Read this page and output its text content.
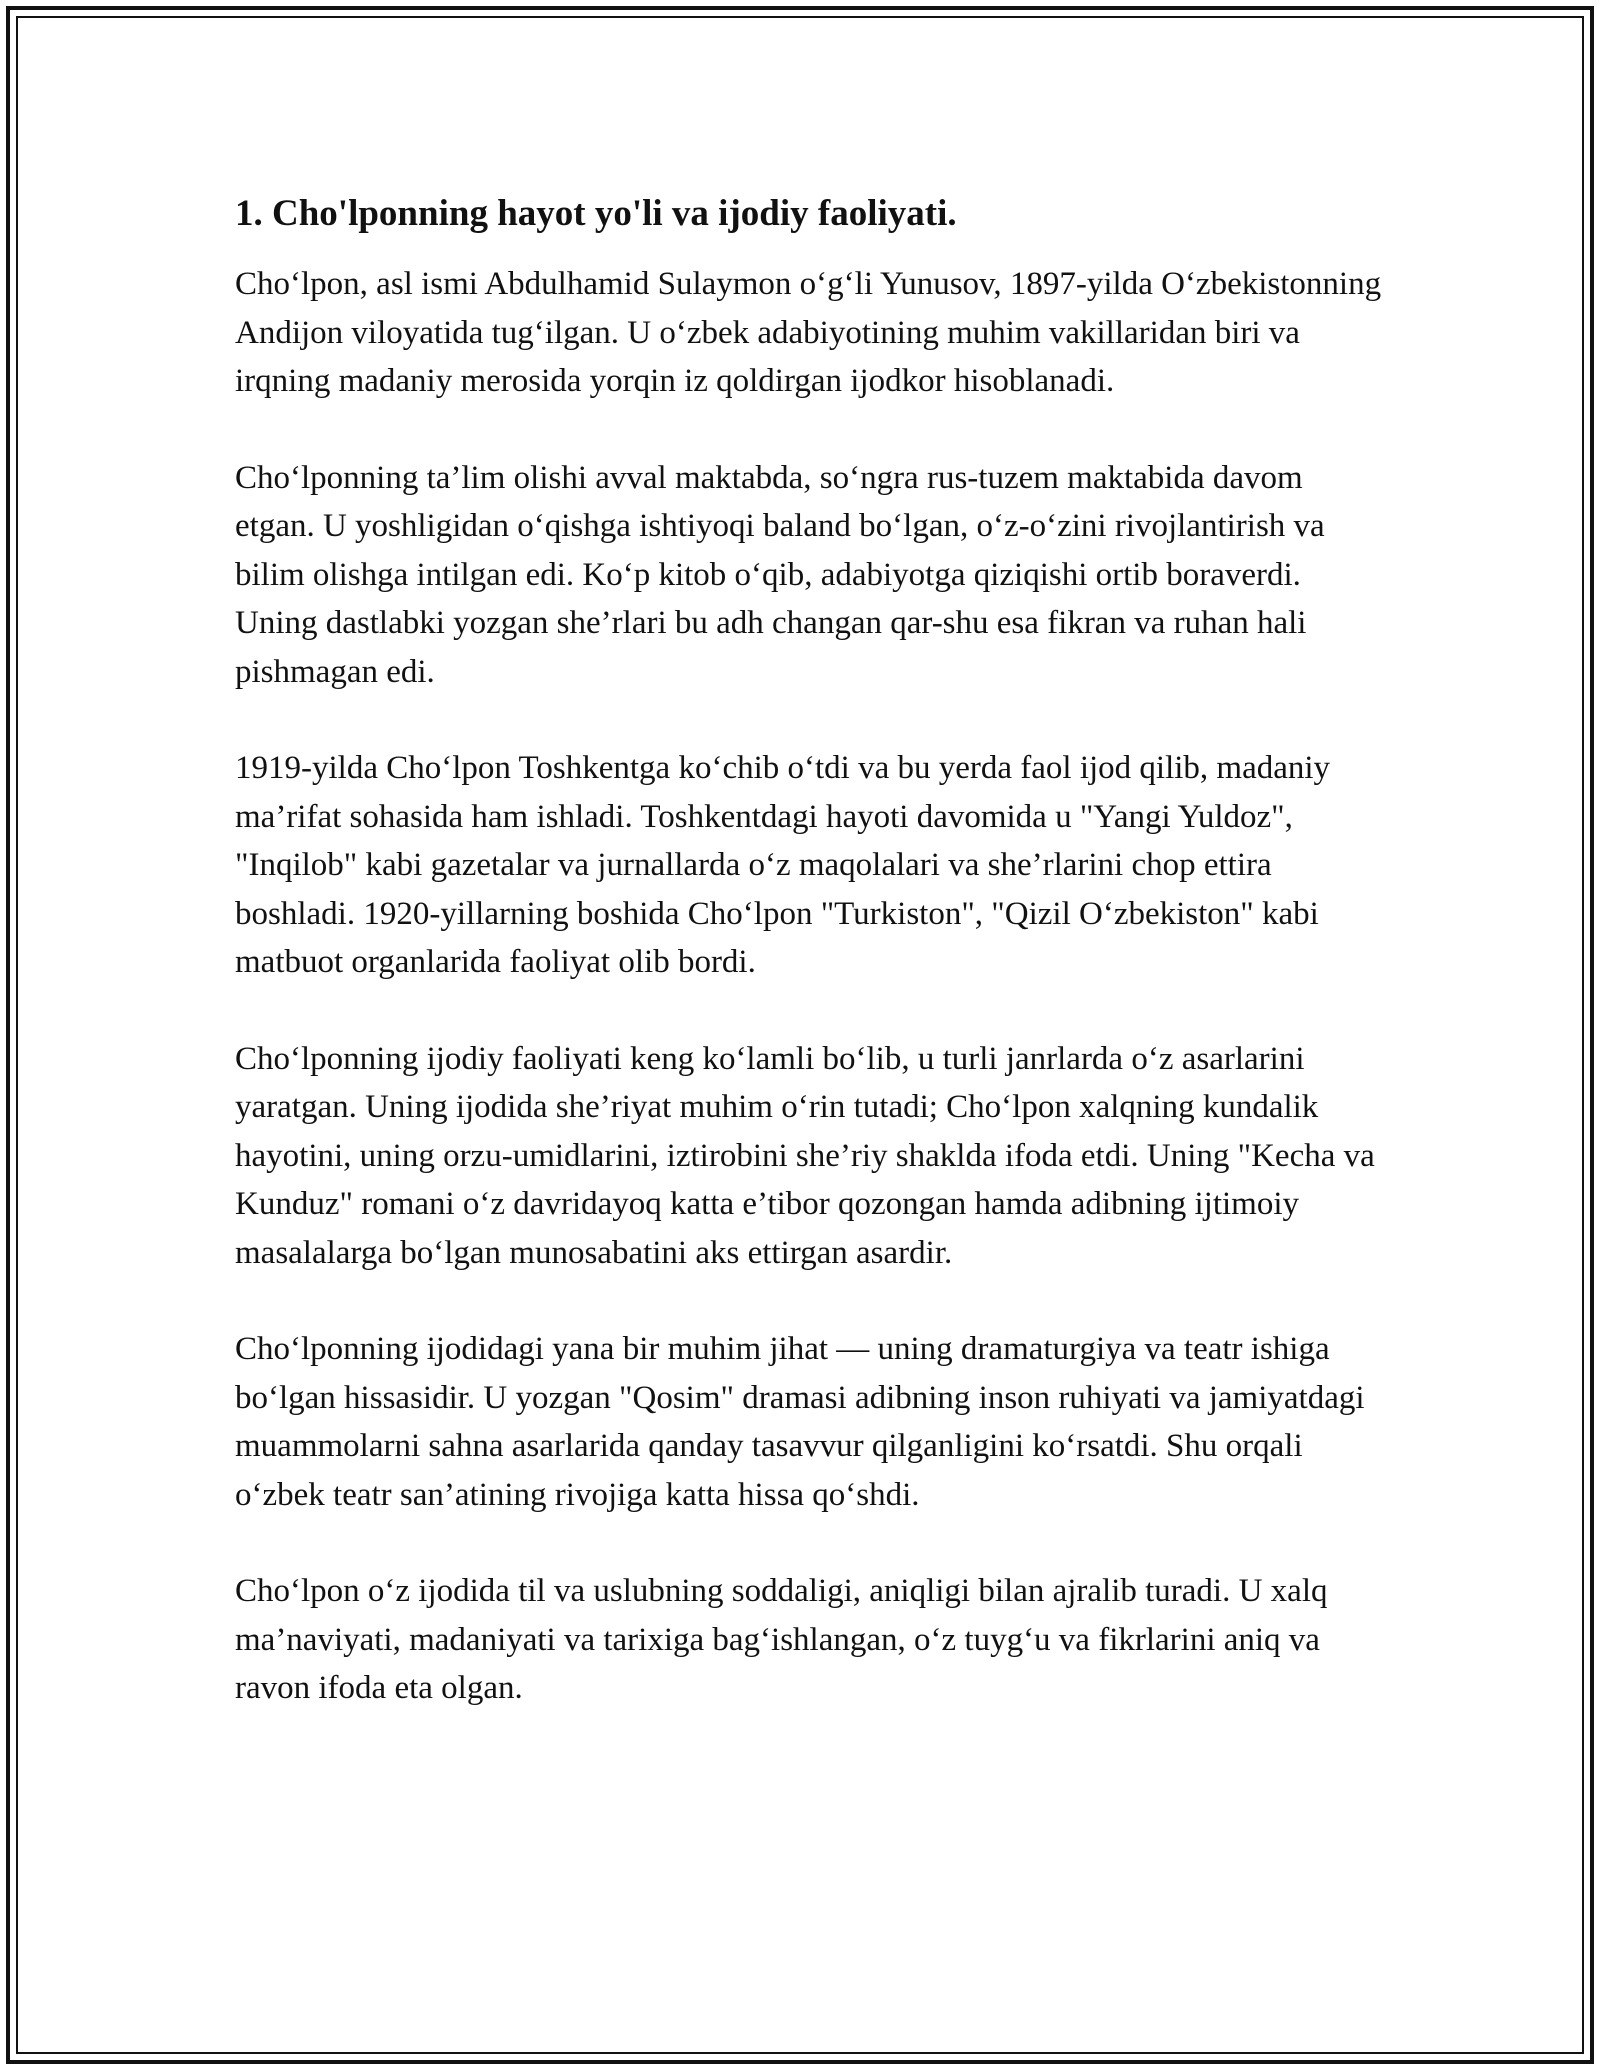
1. Cho'lponning hayot yo'li va ijodiy faoliyati.

Cho‘lpon, asl ismi Abdulhamid Sulaymon o‘g‘li Yunusov, 1897-yilda O‘zbekistonning Andijon viloyatida tug‘ilgan. U o‘zbek adabiyotining muhim vakillaridan biri va irqning madaniy merosida yorqin iz qoldirgan ijodkor hisoblanadi.

Cho‘lponning ta’lim olishi avval maktabda, so‘ngra rus-tuzem maktabida davom etgan. U yoshligidan o‘qishga ishtiyoqi baland bo‘lgan, o‘z-o‘zini rivojlantirish va bilim olishga intilgan edi. Ko‘p kitob o‘qib, adabiyotga qiziqishi ortib boraverdi. Uning dastlabki yozgan she’rlari bu adh changan qar-shu esa fikran va ruhan hali pishmagan edi.

1919-yilda Cho‘lpon Toshkentga ko‘chib o‘tdi va bu yerda faol ijod qilib, madaniy ma’rifat sohasida ham ishladi. Toshkentdagi hayoti davomida u "Yangi Yuldoz", "Inqilob" kabi gazetalar va jurnallarda o‘z maqolalari va she’rlarini chop ettira boshladi. 1920-yillarning boshida Cho‘lpon "Turkiston", "Qizil O‘zbekiston" kabi matbuot organlarida faoliyat olib bordi.

Cho‘lponning ijodiy faoliyati keng ko‘lamli bo‘lib, u turli janrlarda o‘z asarlarini yaratgan. Uning ijodida she’riyat muhim o‘rin tutadi; Cho‘lpon xalqning kundalik hayotini, uning orzu-umidlarini, iztirobini she’riy shaklda ifoda etdi. Uning "Kecha va Kunduz" romani o‘z davridayoq katta e’tibor qozongan hamda adibning ijtimoiy masalalarga bo‘lgan munosabatini aks ettirgan asardir.

Cho‘lponning ijodidagi yana bir muhim jihat — uning dramaturgiya va teatr ishiga bo‘lgan hissasidir. U yozgan "Qosim" dramasi adibning inson ruhiyati va jamiyatdagi muammolarni sahna asarlarida qanday tasavvur qilganligini ko‘rsatdi. Shu orqali o‘zbek teatr san’atining rivojiga katta hissa qo‘shdi.

Cho‘lpon o‘z ijodida til va uslubning soddaligi, aniqligi bilan ajralib turadi. U xalq ma’naviyati, madaniyati va tarixiga bag‘ishlangan, o‘z tuyg‘u va fikrlarini aniq va ravon ifoda eta olgan.
